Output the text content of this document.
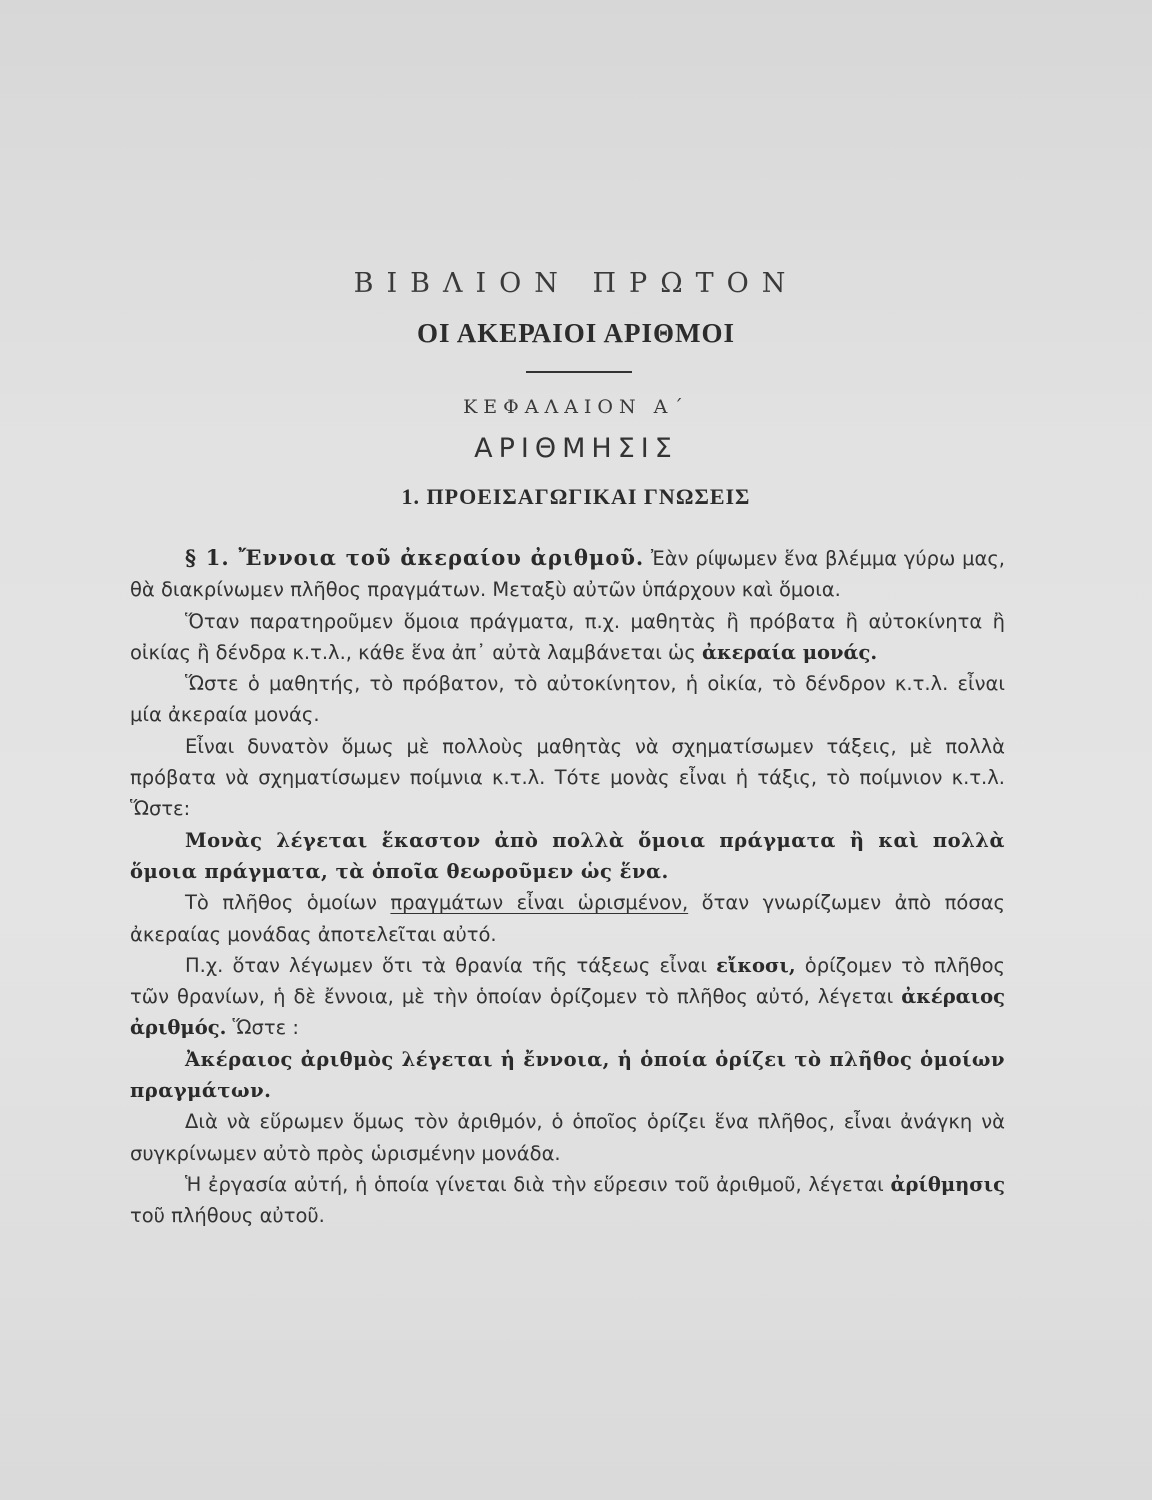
ΒΙΒΛΙΟΝ ΠΡΩΤΟΝ
ΟΙ ΑΚΕΡΑΙΟΙ ΑΡΙΘΜΟΙ
ΚΕΦΑΛΑΙΟΝ Α΄
ΑΡΙΘΜΗΣΙΣ
1. ΠΡΟΕΙΣΑΓΩΓΙΚΑΙ ΓΝΩΣΕΙΣ

§ 1. Ἔννοια τοῦ ἀκεραίου ἀριθμοῦ. Ἐὰν ρίψωμεν ἕνα βλέμμα γύρω μας, θὰ διακρίνωμεν πλῆθος πραγμάτων. Μεταξὺ αὐτῶν ὑπάρχουν καὶ ὅμοια.

Ὅταν παρατηροῦμεν ὅμοια πράγματα, π.χ. μαθητὰς ἢ πρόβατα ἢ αὐτοκίνητα ἢ οἰκίας ἢ δένδρα κ.τ.λ., κάθε ἕνα ἀπ᾽ αὐτὰ λαμβάνεται ὡς ἀκεραία μονάς.

Ὥστε ὁ μαθητής, τὸ πρόβατον, τὸ αὐτοκίνητον, ἡ οἰκία, τὸ δένδρον κ.τ.λ. εἶναι μία ἀκεραία μονάς.

Εἶναι δυνατὸν ὅμως μὲ πολλοὺς μαθητὰς νὰ σχηματίσωμεν τάξεις, μὲ πολλὰ πρόβατα νὰ σχηματίσωμεν ποίμνια κ.τ.λ. Τότε μονὰς εἶναι ἡ τάξις, τὸ ποίμνιον κ.τ.λ. Ὥστε:

Μονὰς λέγεται ἕκαστον ἀπὸ πολλὰ ὅμοια πράγματα ἢ καὶ πολλὰ ὅμοια πράγματα, τὰ ὁποῖα θεωροῦμεν ὡς ἕνα.

Τὸ πλῆθος ὁμοίων πραγμάτων εἶναι ὡρισμένον, ὅταν γνωρίζωμεν ἀπὸ πόσας ἀκεραίας μονάδας ἀποτελεῖται αὐτό.

Π.χ. ὅταν λέγωμεν ὅτι τὰ θρανία τῆς τάξεως εἶναι εἴκοσι, ὁρίζομεν τὸ πλῆθος τῶν θρανίων, ἡ δὲ ἔννοια, μὲ τὴν ὁποίαν ὁρίζομεν τὸ πλῆθος αὐτό, λέγεται ἀκέραιος ἀριθμός. Ὥστε :

Ἀκέραιος ἀριθμὸς λέγεται ἡ ἔννοια, ἡ ὁποία ὁρίζει τὸ πλῆθος ὁμοίων πραγμάτων.

Διὰ νὰ εὕρωμεν ὅμως τὸν ἀριθμόν, ὁ ὁποῖος ὁρίζει ἕνα πλῆθος, εἶναι ἀνάγκη νὰ συγκρίνωμεν αὐτὸ πρὸς ὡρισμένην μονάδα.

Ἡ ἐργασία αὐτή, ἡ ὁποία γίνεται διὰ τὴν εὕρεσιν τοῦ ἀριθμοῦ, λέγεται ἀρίθμησις τοῦ πλήθους αὐτοῦ.
